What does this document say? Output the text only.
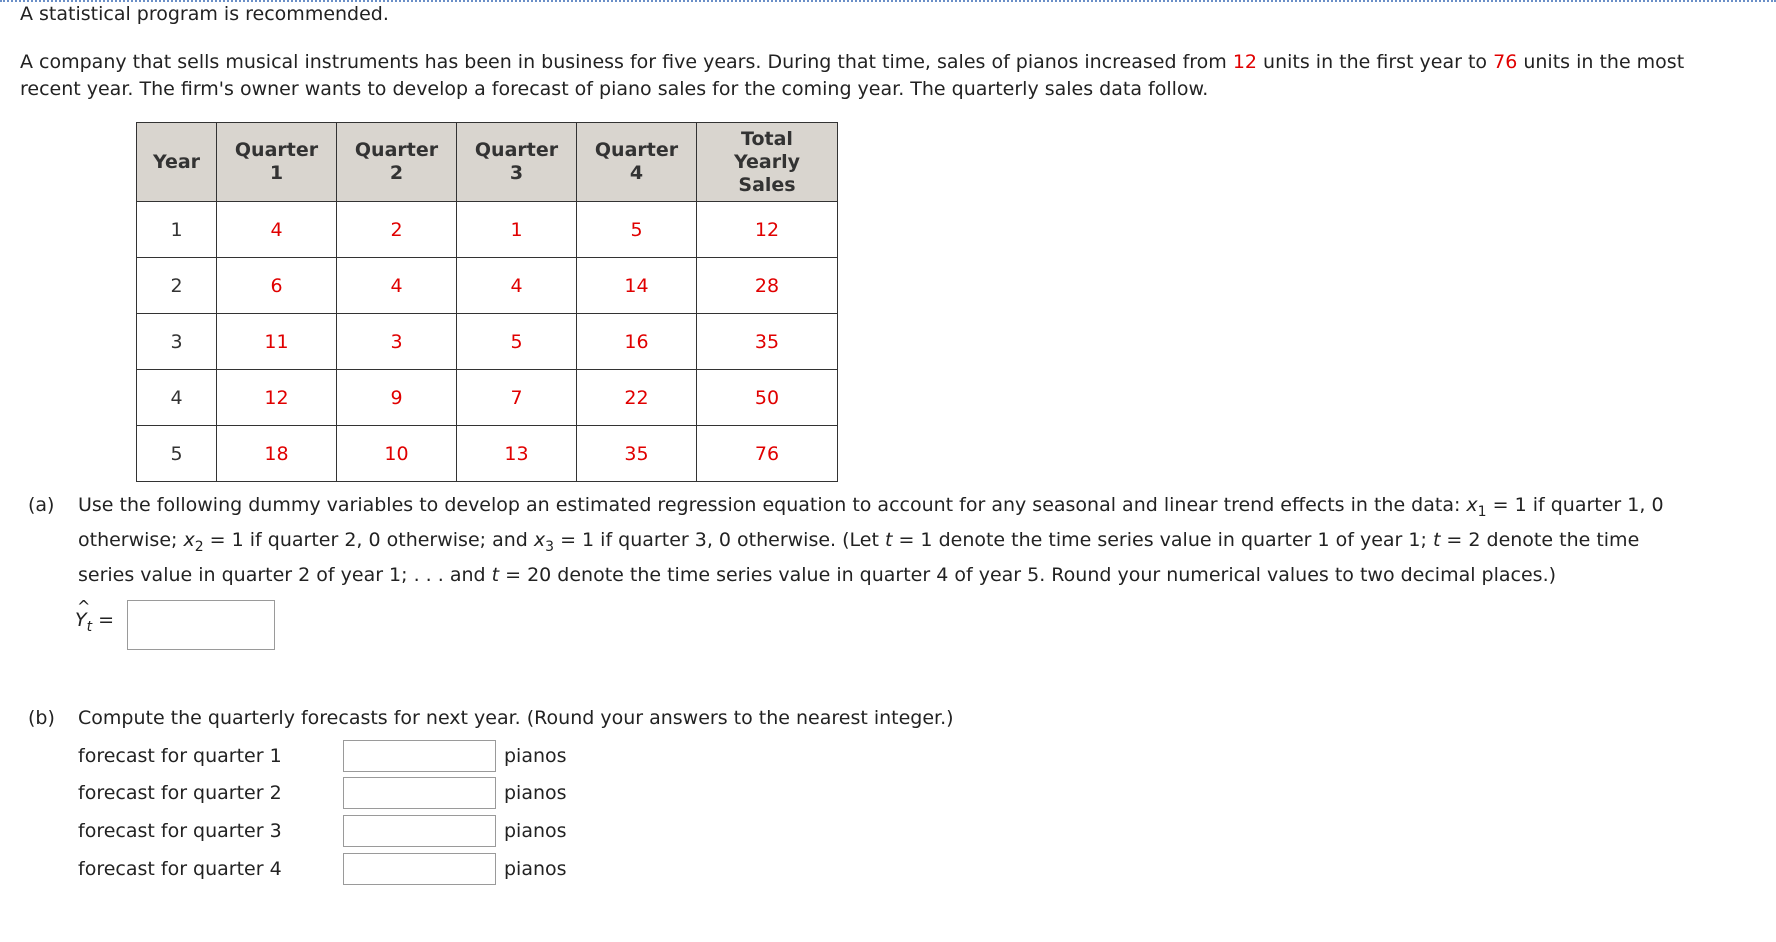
A statistical program is recommended.
A company that sells musical instruments has been in business for five years. During that time, sales of pianos increased from 12 units in the first year to 76 units in the most
recent year. The firm's owner wants to develop a forecast of piano sales for the coming year. The quarterly sales data follow.
Year	Quarter 1	Quarter 2	Quarter 3	Quarter 4	Total Yearly Sales
1	4	2	1	5	12
2	6	4	4	14	28
3	11	3	5	16	35
4	12	9	7	22	50
5	18	10	13	35	76
(a) Use the following dummy variables to develop an estimated regression equation to account for any seasonal and linear trend effects in the data: $x_1 = 1$ if quarter 1, 0
otherwise; $x_2 = 1$ if quarter 2, 0 otherwise; and $x_3 = 1$ if quarter 3, 0 otherwise. (Let t = 1 denote the time series value in quarter 1 of year 1; t = 2 denote the time
series value in quarter 2 of year 1; . . . and t = 20 denote the time series value in quarter 4 of year 5. Round your numerical values to two decimal places.)
^
$Y_t$ =
(b) Compute the quarterly forecasts for next year. (Round your answers to the nearest integer.)
forecast for quarter 1	pianos
forecast for quarter 2	pianos
forecast for quarter 3	pianos
forecast for quarter 4	pianos
